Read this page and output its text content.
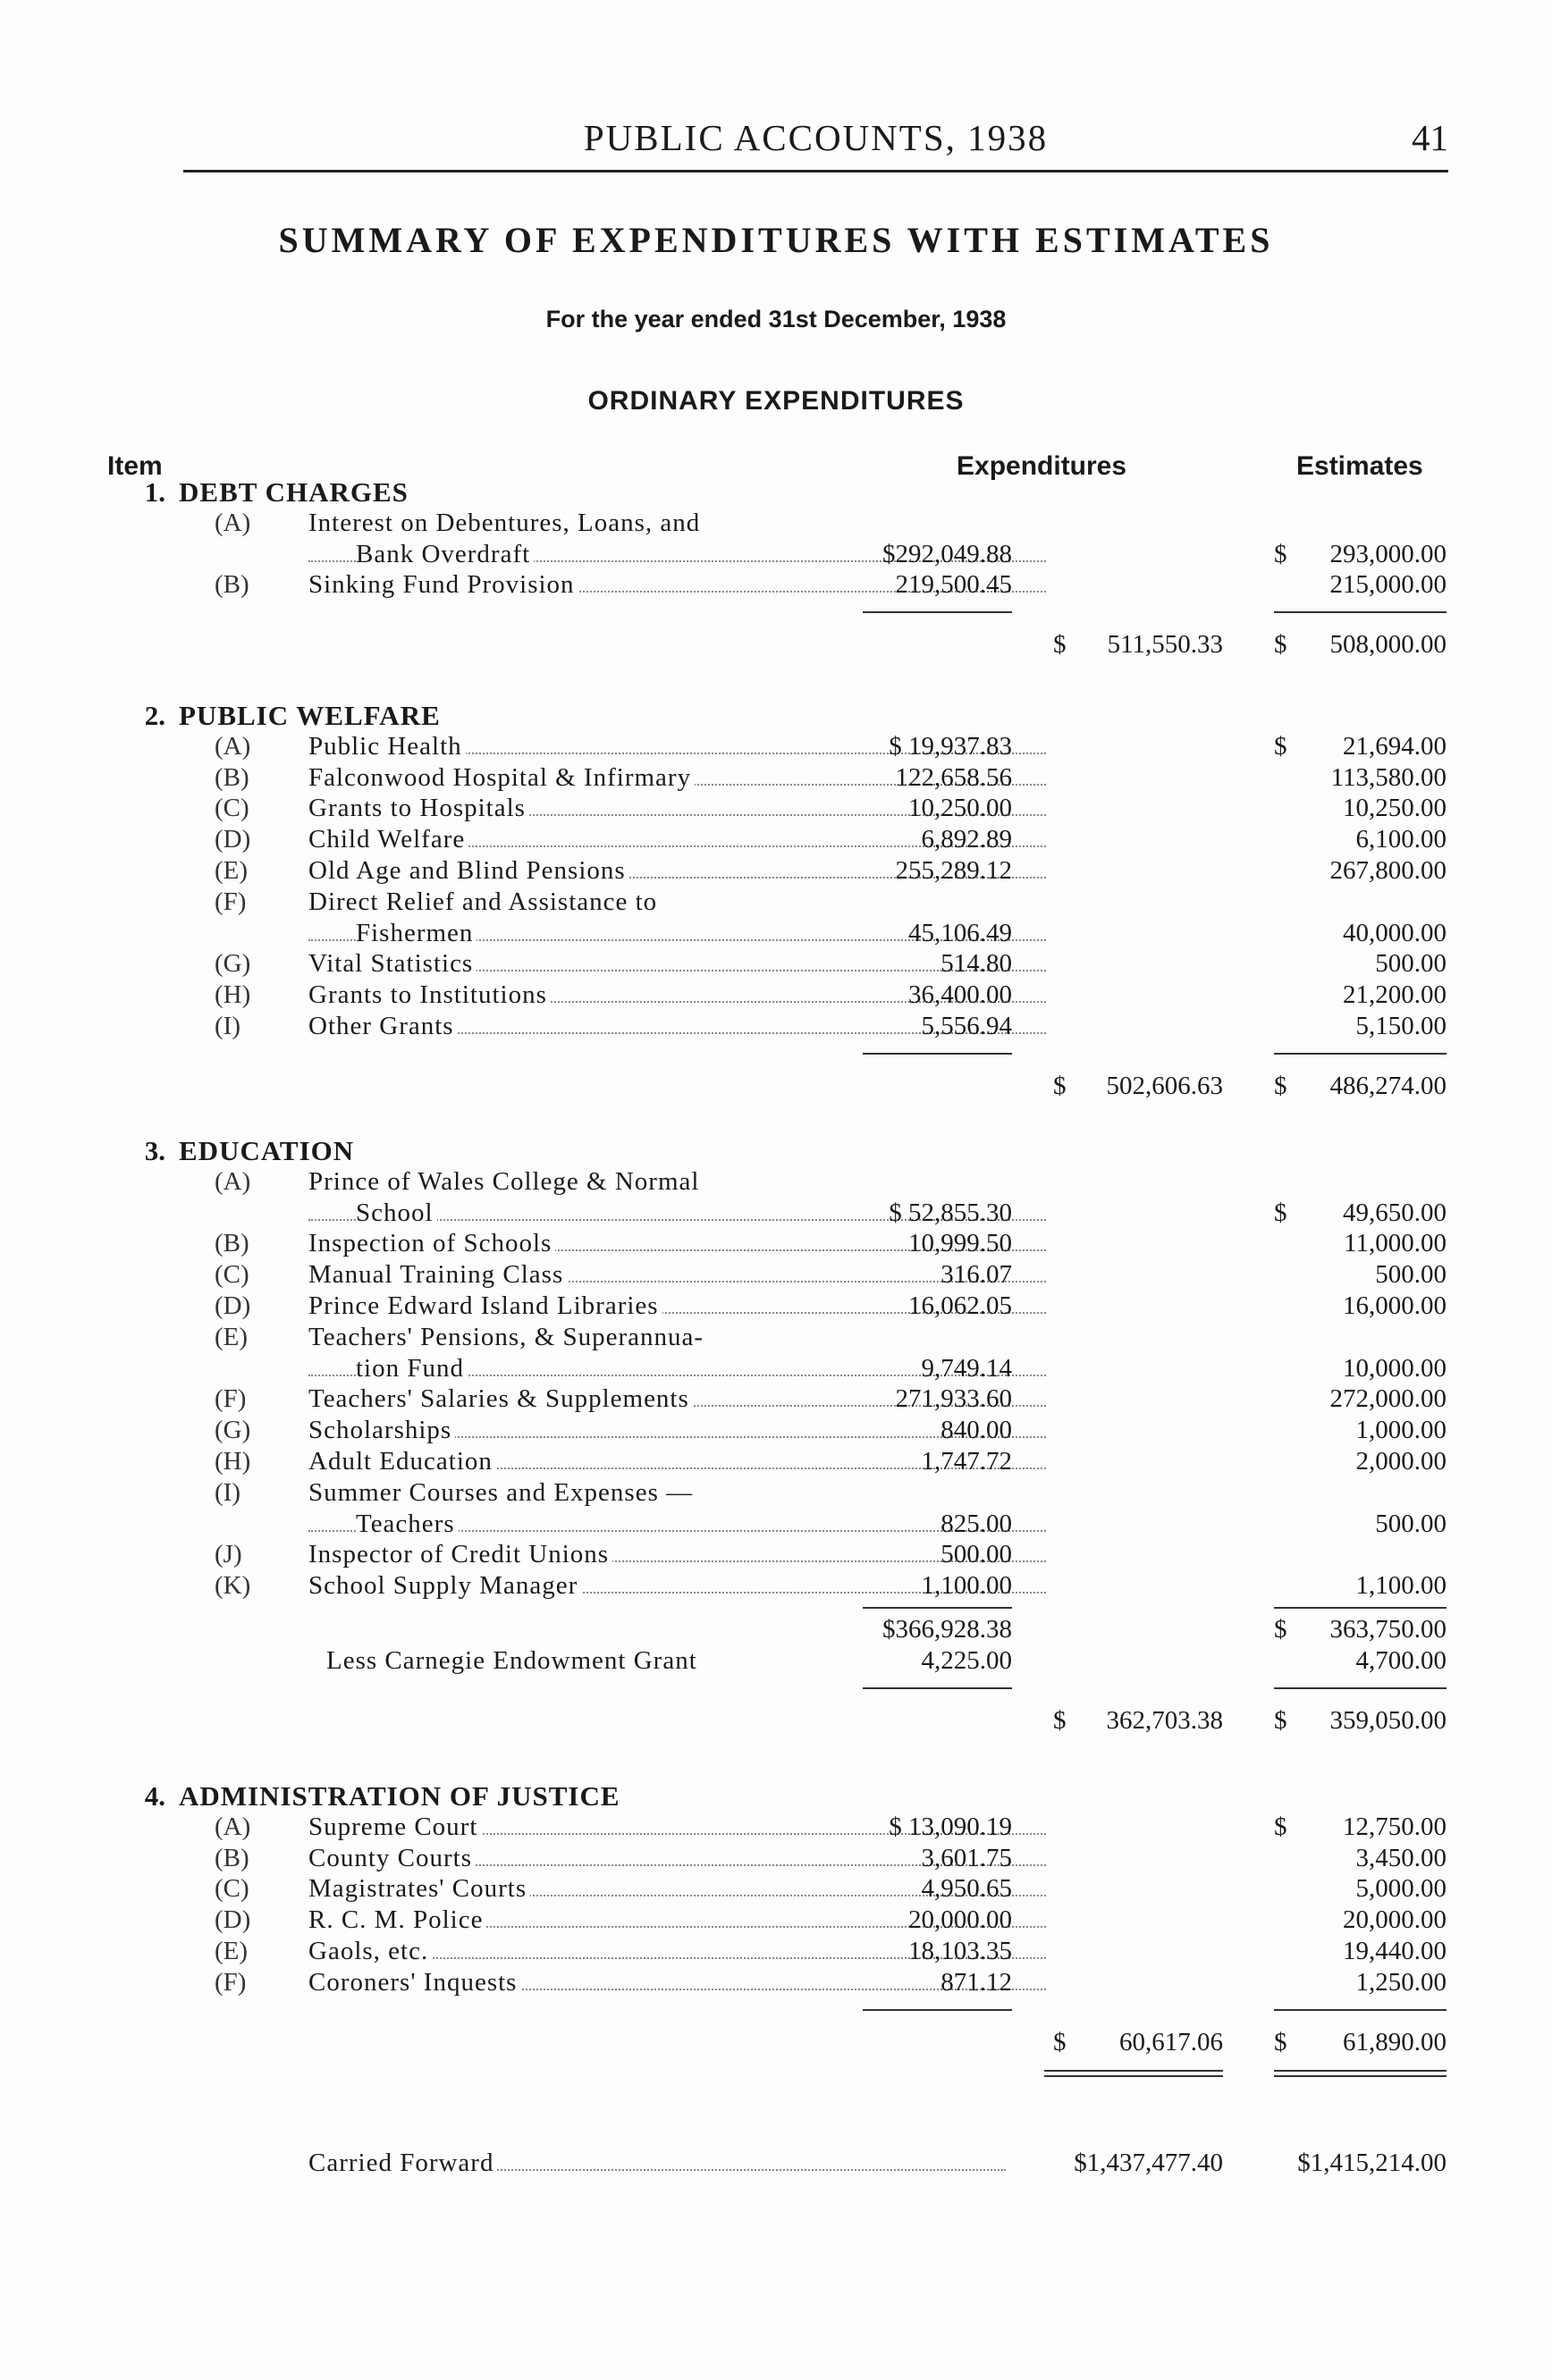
PUBLIC ACCOUNTS, 1938	41
SUMMARY OF EXPENDITURES WITH ESTIMATES
For the year ended 31st December, 1938
ORDINARY EXPENDITURES
Item	Expenditures	Estimates
1. DEBT CHARGES
(A)	Interest on Debentures, Loans, and
Bank Overdraft	$292,049.88	293,000.00
$
(B)	Sinking Fund Provision	219,500.45	215,000.00
$ 511,550.33 $ 508,000.00
2. PUBLIC WELFARE
(A)	Public Health	$ 19,937.83	21,694.00
$
(B)	Falconwood Hospital & Infirmary	122,658.56	113,580.00
(C)	Grants to Hospitals	10,250.00	10,250.00
(D)	Child Welfare	6,892.89	6,100.00
(E)	Old Age and Blind Pensions	255,289.12	267,800.00
(F)	Direct Relief and Assistance to
Fishermen	45,106.49	40,000.00
(G)	Vital Statistics	514.80	500.00
(H)	Grants to Institutions	36,400.00	21,200.00
(I)	Other Grants	5,556.94	5,150.00
$ 502,606.63 $ 486,274.00
3. EDUCATION
(A)	Prince of Wales College & Normal
School	$ 52,855.30	49,650.00
$
(B)	Inspection of Schools	10,999.50	11,000.00
(C)	Manual Training Class	316.07	500.00
(D)	Prince Edward Island Libraries	16,062.05	16,000.00
(E)	Teachers' Pensions, & Superannua-
tion Fund	9,749.14	10,000.00
(F)	Teachers' Salaries & Supplements	271,933.60	272,000.00
(G)	Scholarships	840.00	1,000.00
(H)	Adult Education	1,747.72	2,000.00
(I)	Summer Courses and Expenses —
Teachers	825.00	500.00
(J)	Inspector of Credit Unions	500.00
(K)	School Supply Manager	1,100.00	1,100.00
$366,928.38	$ 363,750.00
Less Carnegie Endowment Grant	4,225.00	4,700.00
$ 362,703.38 $ 359,050.00
4. ADMINISTRATION OF JUSTICE
(A)	Supreme Court	$ 13,090.19	12,750.00
$
(B)	County Courts	3,601.75	3,450.00
(C)	Magistrates' Courts	4,950.65	5,000.00
(D)	R. C. M. Police	20,000.00	20,000.00
(E)	Gaols, etc.	18,103.35	19,440.00
(F)	Coroners' Inquests	871.12	1,250.00
$ 60,617.06 $ 61,890.00
Carried Forward	$1,437,477.40	$1,415,214.00
